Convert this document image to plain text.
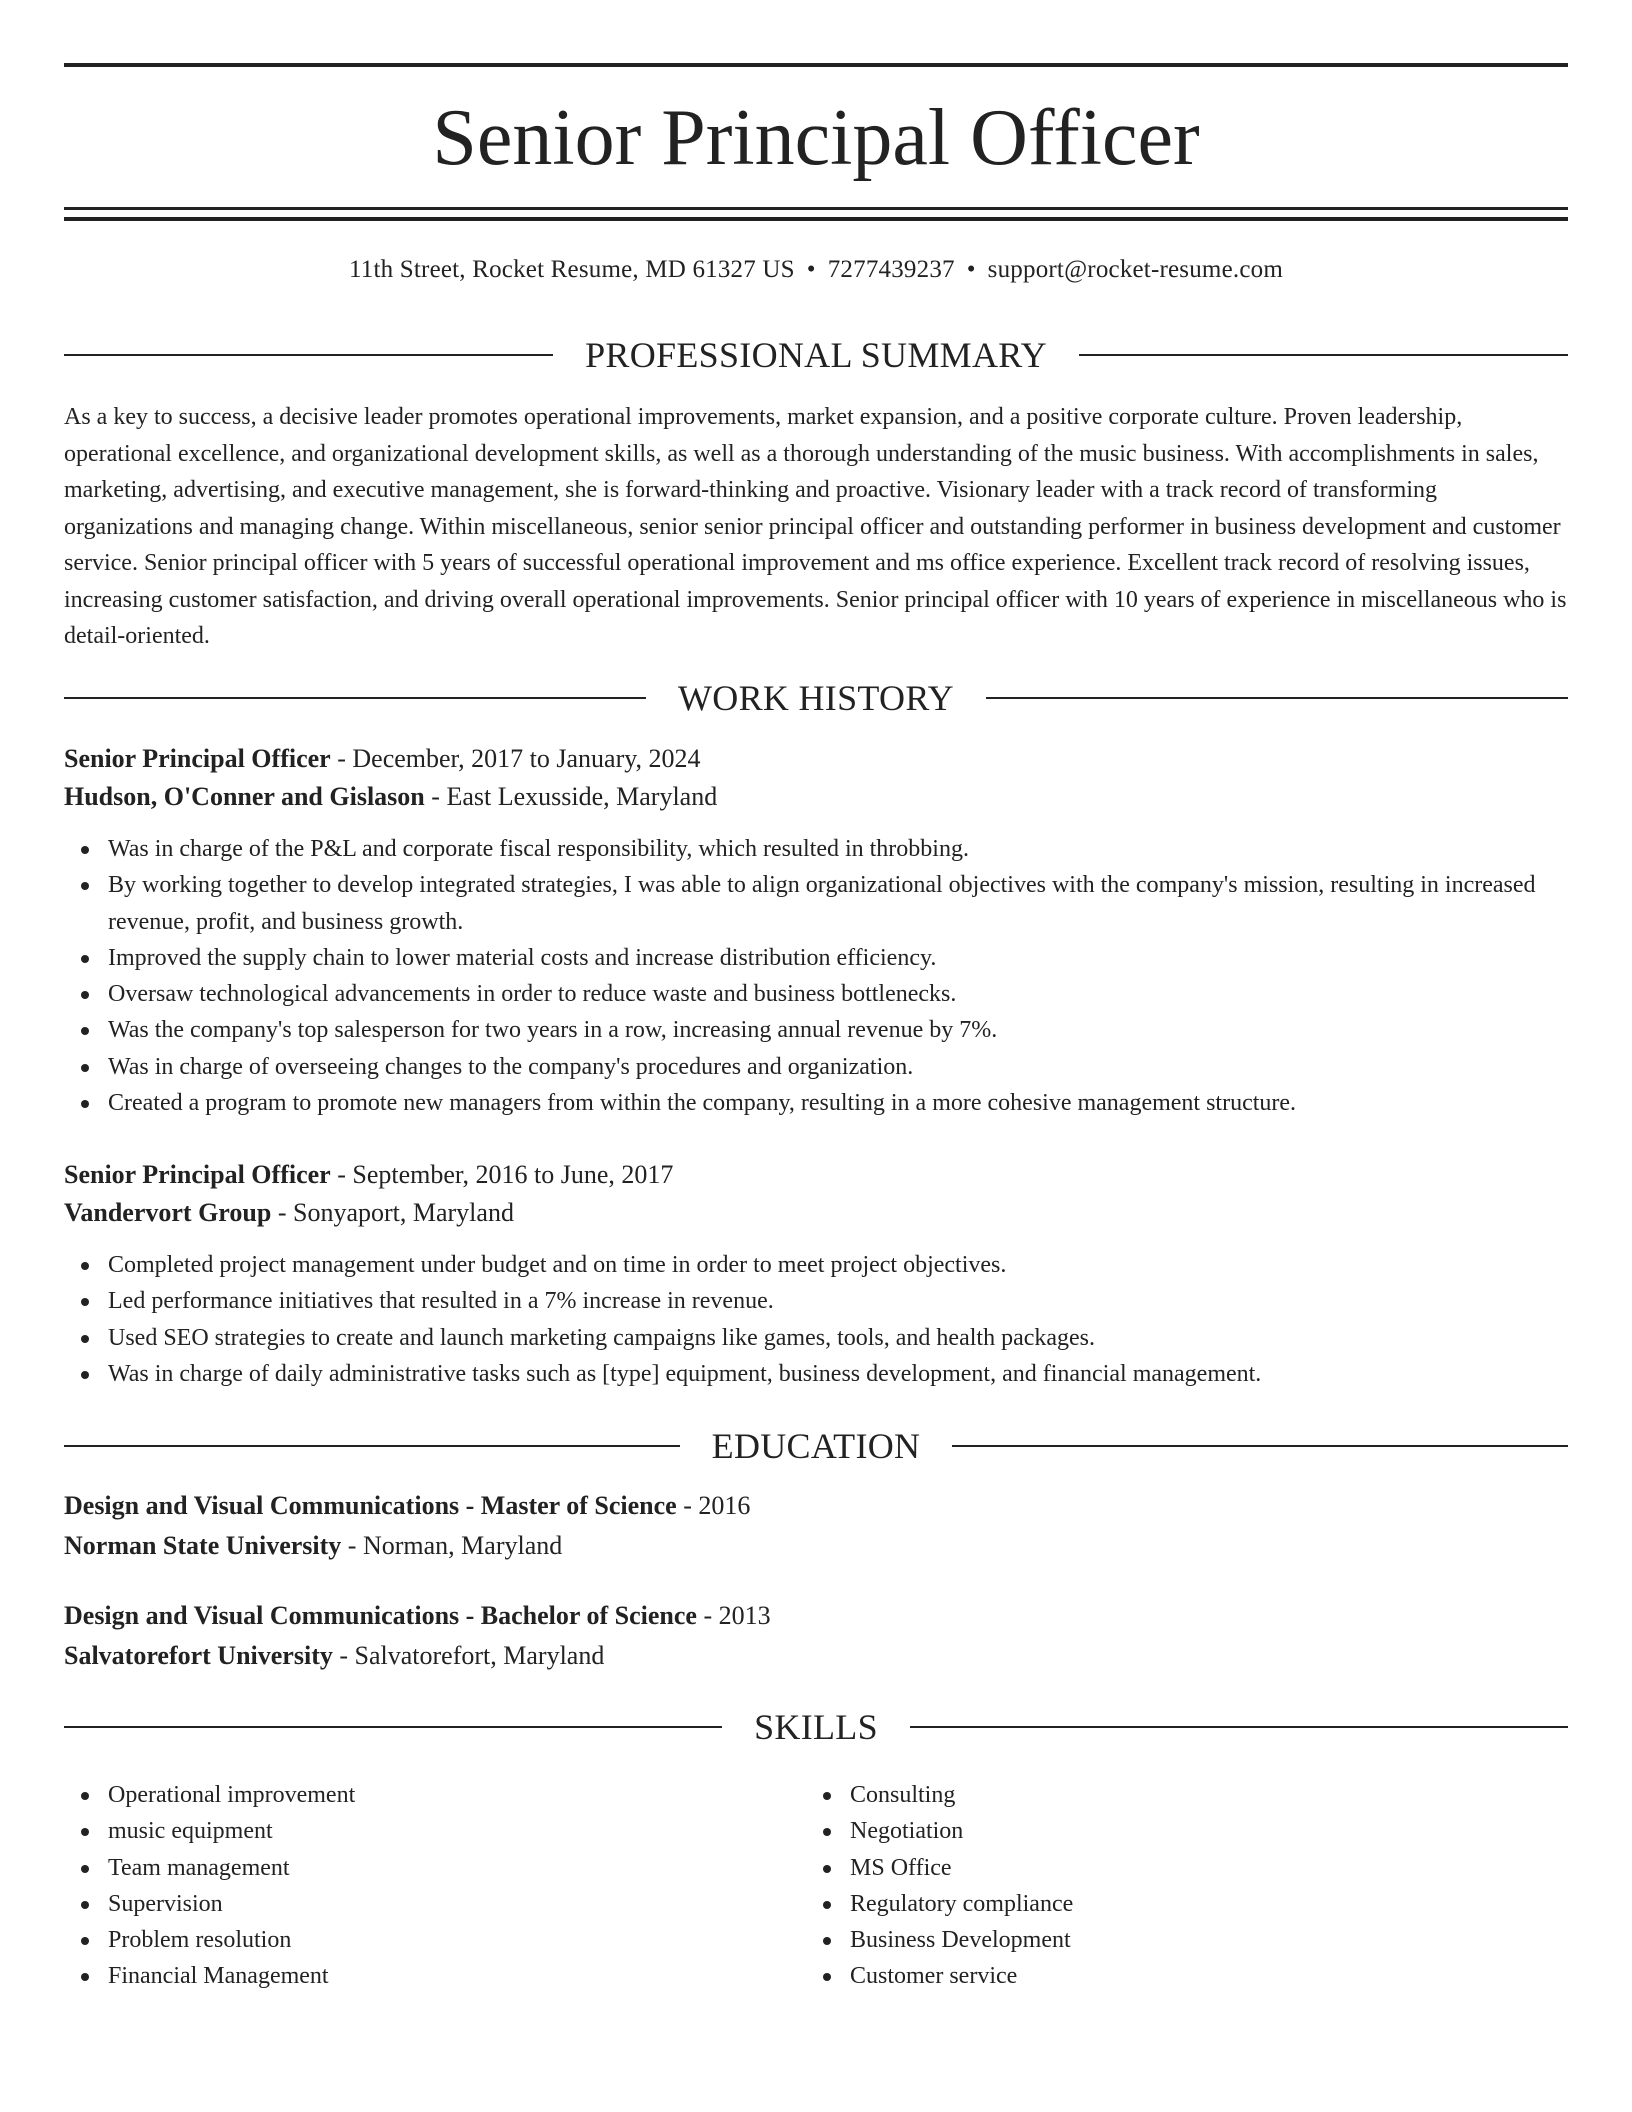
Senior Principal Officer
11th Street, Rocket Resume, MD 61327 US • 7277439237 • support@rocket-resume.com
PROFESSIONAL SUMMARY

As a key to success, a decisive leader promotes operational improvements, market expansion, and a positive corporate culture. Proven leadership, operational excellence, and organizational development skills, as well as a thorough understanding of the music business. With accomplishments in sales, marketing, advertising, and executive management, she is forward-thinking and proactive. Visionary leader with a track record of transforming organizations and managing change. Within miscellaneous, senior senior principal officer and outstanding performer in business development and customer service. Senior principal officer with 5 years of successful operational improvement and ms office experience. Excellent track record of resolving issues, increasing customer satisfaction, and driving overall operational improvements. Senior principal officer with 10 years of experience in miscellaneous who is detail-oriented.

WORK HISTORY
Senior Principal Officer - December, 2017 to January, 2024
Hudson, O'Conner and Gislason - East Lexusside, Maryland
Was in charge of the P&L and corporate fiscal responsibility, which resulted in throbbing.
By working together to develop integrated strategies, I was able to align organizational objectives with the company's mission, resulting in increased revenue, profit, and business growth.
Improved the supply chain to lower material costs and increase distribution efficiency.
Oversaw technological advancements in order to reduce waste and business bottlenecks.
Was the company's top salesperson for two years in a row, increasing annual revenue by 7%.
Was in charge of overseeing changes to the company's procedures and organization.
Created a program to promote new managers from within the company, resulting in a more cohesive management structure.
Senior Principal Officer - September, 2016 to June, 2017
Vandervort Group - Sonyaport, Maryland
Completed project management under budget and on time in order to meet project objectives.
Led performance initiatives that resulted in a 7% increase in revenue.
Used SEO strategies to create and launch marketing campaigns like games, tools, and health packages.
Was in charge of daily administrative tasks such as [type] equipment, business development, and financial management.
EDUCATION
Design and Visual Communications - Master of Science - 2016
Norman State University - Norman, Maryland
Design and Visual Communications - Bachelor of Science - 2013
Salvatorefort University - Salvatorefort, Maryland
SKILLS
Operational improvement
music equipment
Team management
Supervision
Problem resolution
Financial Management
Consulting
Negotiation
MS Office
Regulatory compliance
Business Development
Customer service
